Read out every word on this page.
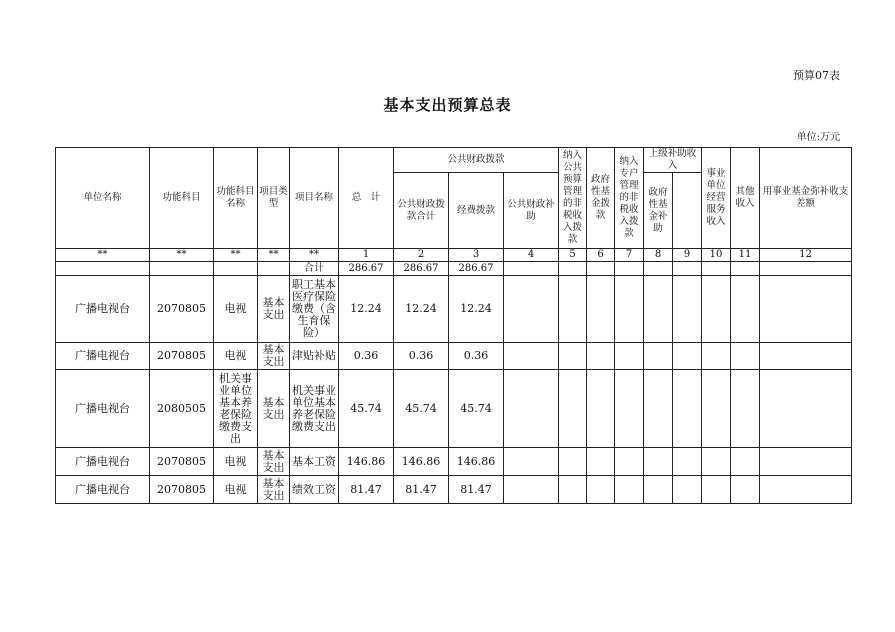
预算07表
基本支出预算总表
单位:万元
单位名称	功能科目	功能科目名称	项目类型	项目名称	总　计	公共财政拨款			纳入公共预算管理的非税收入拨款	政府性基金拨款	纳入专户管理的非税收入拨款	上级补助收入		事业单位经营服务收入	其他收入	用事业基金弥补收支差额	
						公共财政拨款合计	经费拨款	公共财政补助				政府性基金补助					
**	**	**	**	**	1	2	3	4	5	6	7	8	9	10	11	12	
				合计	286.67	286.67	286.67										
广播电视台	2070805	电视	基本支出	职工基本医疗保险缴费（含生育保险）	12.24	12.24	12.24										
广播电视台	2070805	电视	基本支出	津贴补贴	0.36	0.36	0.36										
广播电视台	2080505	机关事业单位基本养老保险缴费支出	基本支出	机关事业单位基本养老保险缴费支出	45.74	45.74	45.74										
广播电视台	2070805	电视	基本支出	基本工资	146.86	146.86	146.86										
广播电视台	2070805	电视	基本支出	绩效工资	81.47	81.47	81.47										
